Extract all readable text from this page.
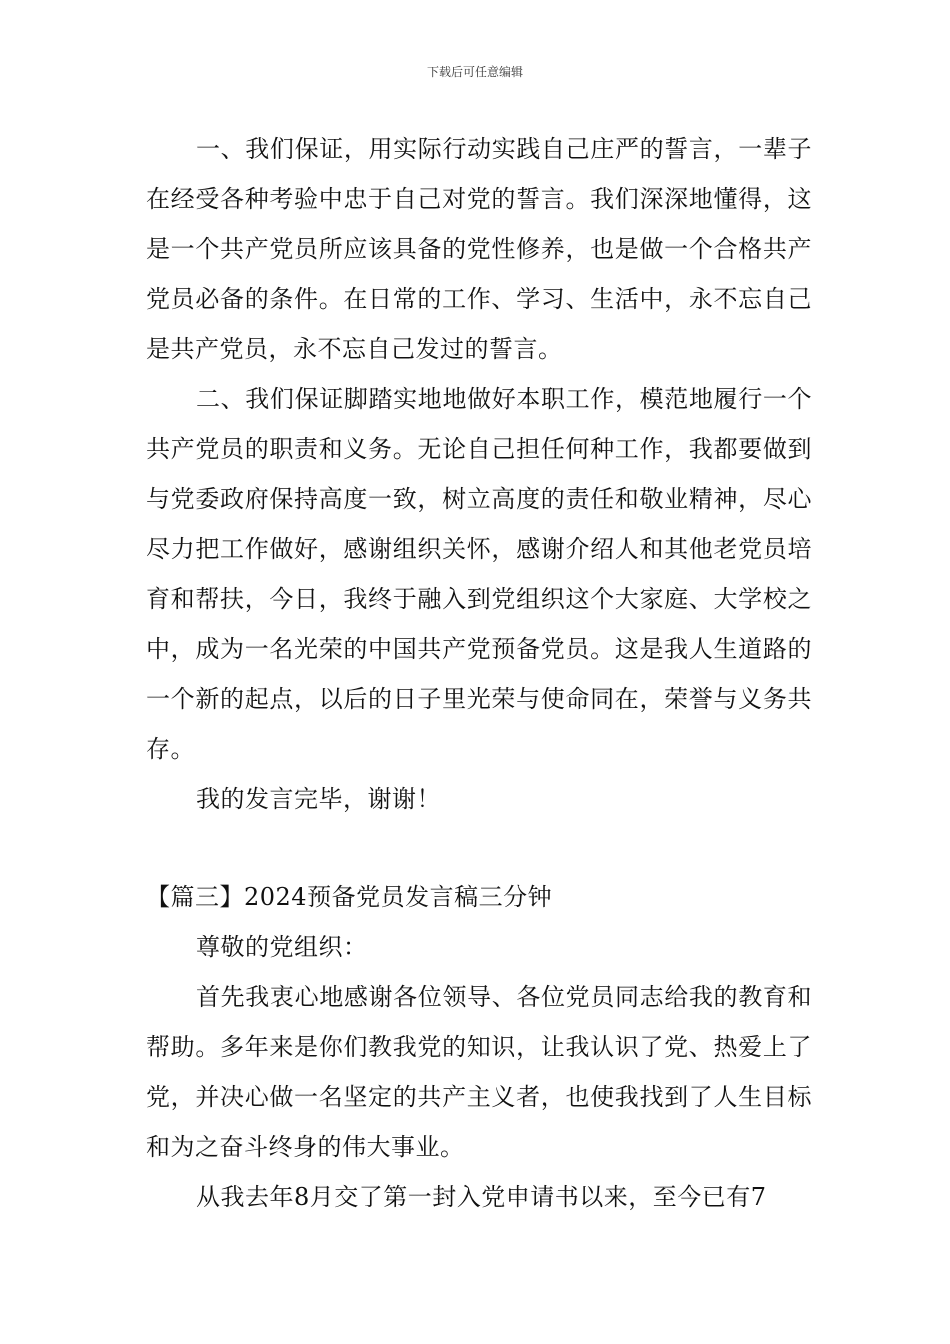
下载后可任意编辑

一、我们保证，用实际行动实践自己庄严的誓言，一辈子在经受各种考验中忠于自己对党的誓言。我们深深地懂得，这是一个共产党员所应该具备的党性修养，也是做一个合格共产党员必备的条件。在日常的工作、学习、生活中，永不忘自己是共产党员，永不忘自己发过的誓言。

二、我们保证脚踏实地地做好本职工作，模范地履行一个共产党员的职责和义务。无论自己担任何种工作，我都要做到与党委政府保持高度一致，树立高度的责任和敬业精神，尽心尽力把工作做好，感谢组织关怀，感谢介绍人和其他老党员培育和帮扶，今日，我终于融入到党组织这个大家庭、大学校之中，成为一名光荣的中国共产党预备党员。这是我人生道路的一个新的起点，以后的日子里光荣与使命同在，荣誉与义务共存。

我的发言完毕，谢谢！

【篇三】2024预备党员发言稿三分钟

尊敬的党组织：

首先我衷心地感谢各位领导、各位党员同志给我的教育和帮助。多年来是你们教我党的知识，让我认识了党、热爱上了党，并决心做一名坚定的共产主义者，也使我找到了人生目标和为之奋斗终身的伟大事业。

从我去年8月交了第一封入党申请书以来，至今已有7
